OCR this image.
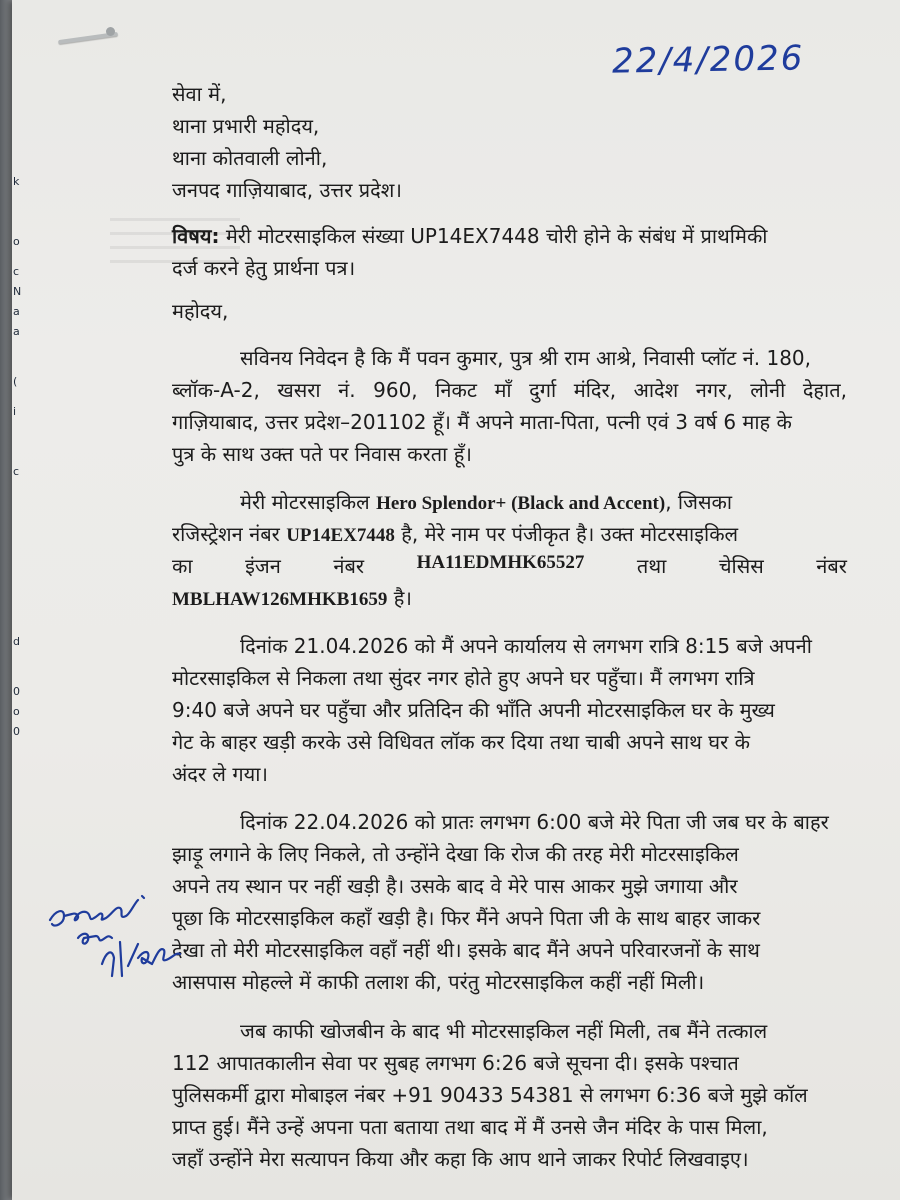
k
o
c
N
a
a
(
i
c
d
0
o
0
22/4/2026
सेवा में,
थाना प्रभारी महोदय,
थाना कोतवाली लोनी,
जनपद गाज़ियाबाद, उत्तर प्रदेश।
विषय: मेरी मोटरसाइकिल संख्या UP14EX7448 चोरी होने के संबंध में प्राथमिकी
दर्ज करने हेतु प्रार्थना पत्र।
महोदय,
सविनय निवेदन है कि मैं पवन कुमार, पुत्र श्री राम आश्रे, निवासी प्लॉट नं. 180,
ब्लॉक-A-2, खसरा नं. 960, निकट माँ दुर्गा मंदिर, आदेश नगर, लोनी देहात,
गाज़ियाबाद, उत्तर प्रदेश–201102 हूँ। मैं अपने माता-पिता, पत्नी एवं 3 वर्ष 6 माह के
पुत्र के साथ उक्त पते पर निवास करता हूँ।
मेरी मोटरसाइकिल Hero Splendor+ (Black and Accent), जिसका
रजिस्ट्रेशन नंबर UP14EX7448 है, मेरे नाम पर पंजीकृत है। उक्त मोटरसाइकिल
का	इंजन	नंबर	HA11EDMHK65527	तथा	चेसिस	नंबर
MBLHAW126MHKB1659 है।
दिनांक 21.04.2026 को मैं अपने कार्यालय से लगभग रात्रि 8:15 बजे अपनी
मोटरसाइकिल से निकला तथा सुंदर नगर होते हुए अपने घर पहुँचा। मैं लगभग रात्रि
9:40 बजे अपने घर पहुँचा और प्रतिदिन की भाँति अपनी मोटरसाइकिल घर के मुख्य
गेट के बाहर खड़ी करके उसे विधिवत लॉक कर दिया तथा चाबी अपने साथ घर के
अंदर ले गया।
दिनांक 22.04.2026 को प्रातः लगभग 6:00 बजे मेरे पिता जी जब घर के बाहर
झाड़ू लगाने के लिए निकले, तो उन्होंने देखा कि रोज की तरह मेरी मोटरसाइकिल
अपने तय स्थान पर नहीं खड़ी है। उसके बाद वे मेरे पास आकर मुझे जगाया और
पूछा कि मोटरसाइकिल कहाँ खड़ी है। फिर मैंने अपने पिता जी के साथ बाहर जाकर
देखा तो मेरी मोटरसाइकिल वहाँ नहीं थी। इसके बाद मैंने अपने परिवारजनों के साथ
आसपास मोहल्ले में काफी तलाश की, परंतु मोटरसाइकिल कहीं नहीं मिली।
जब काफी खोजबीन के बाद भी मोटरसाइकिल नहीं मिली, तब मैंने तत्काल
112 आपातकालीन सेवा पर सुबह लगभग 6:26 बजे सूचना दी। इसके पश्चात
पुलिसकर्मी द्वारा मोबाइल नंबर +91 90433 54381 से लगभग 6:36 बजे मुझे कॉल
प्राप्त हुई। मैंने उन्हें अपना पता बताया तथा बाद में मैं उनसे जैन मंदिर के पास मिला,
जहाँ उन्होंने मेरा सत्यापन किया और कहा कि आप थाने जाकर रिपोर्ट लिखवाइए।
